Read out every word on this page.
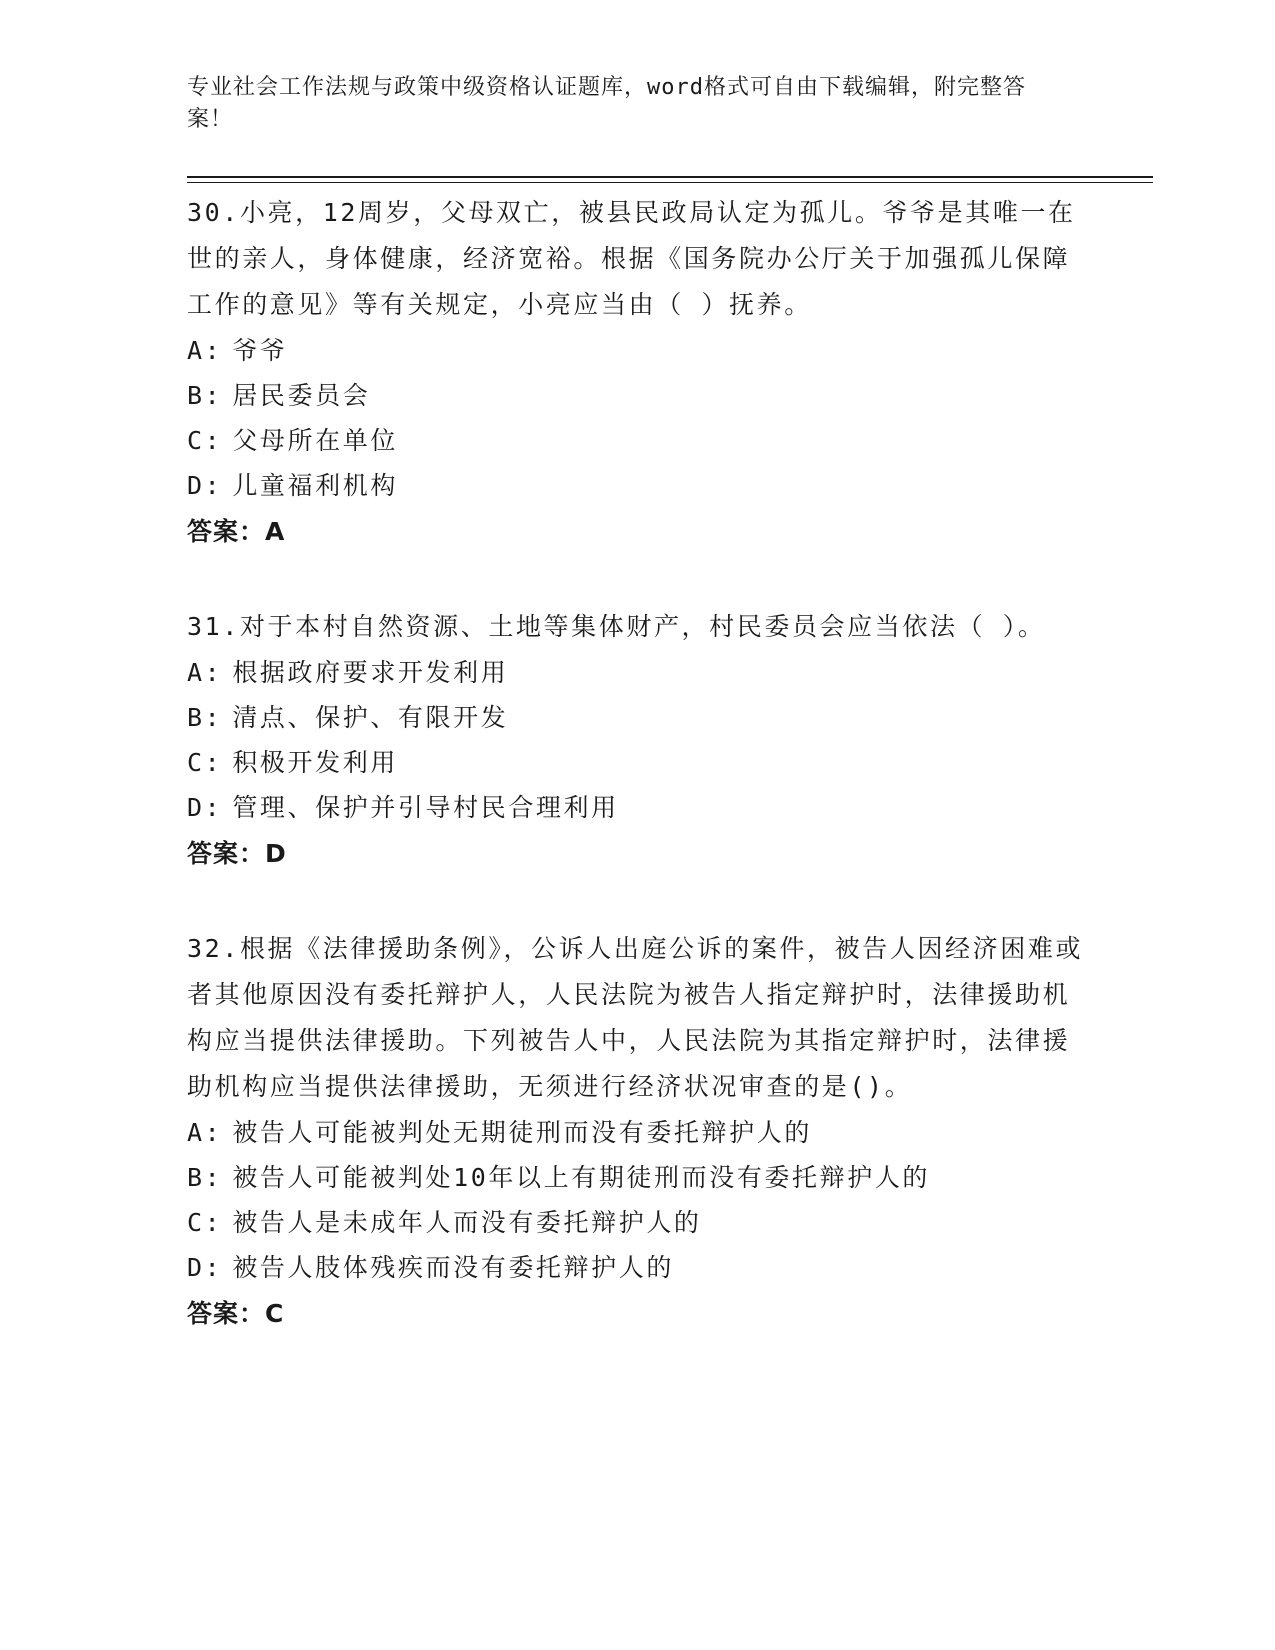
专业社会工作法规与政策中级资格认证题库，word格式可自由下载编辑，附完整答案！

30.小亮，12周岁，父母双亡，被县民政局认定为孤儿。爷爷是其唯一在世的亲人，身体健康，经济宽裕。根据《国务院办公厅关于加强孤儿保障工作的意见》等有关规定，小亮应当由（ ）抚养。

A: 爷爷

B: 居民委员会

C: 父母所在单位

D: 儿童福利机构

答案：A

31.对于本村自然资源、土地等集体财产，村民委员会应当依法（ ）。

A: 根据政府要求开发利用

B: 清点、保护、有限开发

C: 积极开发利用

D: 管理、保护并引导村民合理利用

答案：D

32.根据《法律援助条例》，公诉人出庭公诉的案件，被告人因经济困难或者其他原因没有委托辩护人，人民法院为被告人指定辩护时，法律援助机构应当提供法律援助。下列被告人中，人民法院为其指定辩护时，法律援助机构应当提供法律援助，无须进行经济状况审查的是()。

A: 被告人可能被判处无期徒刑而没有委托辩护人的

B: 被告人可能被判处10年以上有期徒刑而没有委托辩护人的

C: 被告人是未成年人而没有委托辩护人的

D: 被告人肢体残疾而没有委托辩护人的

答案：C
